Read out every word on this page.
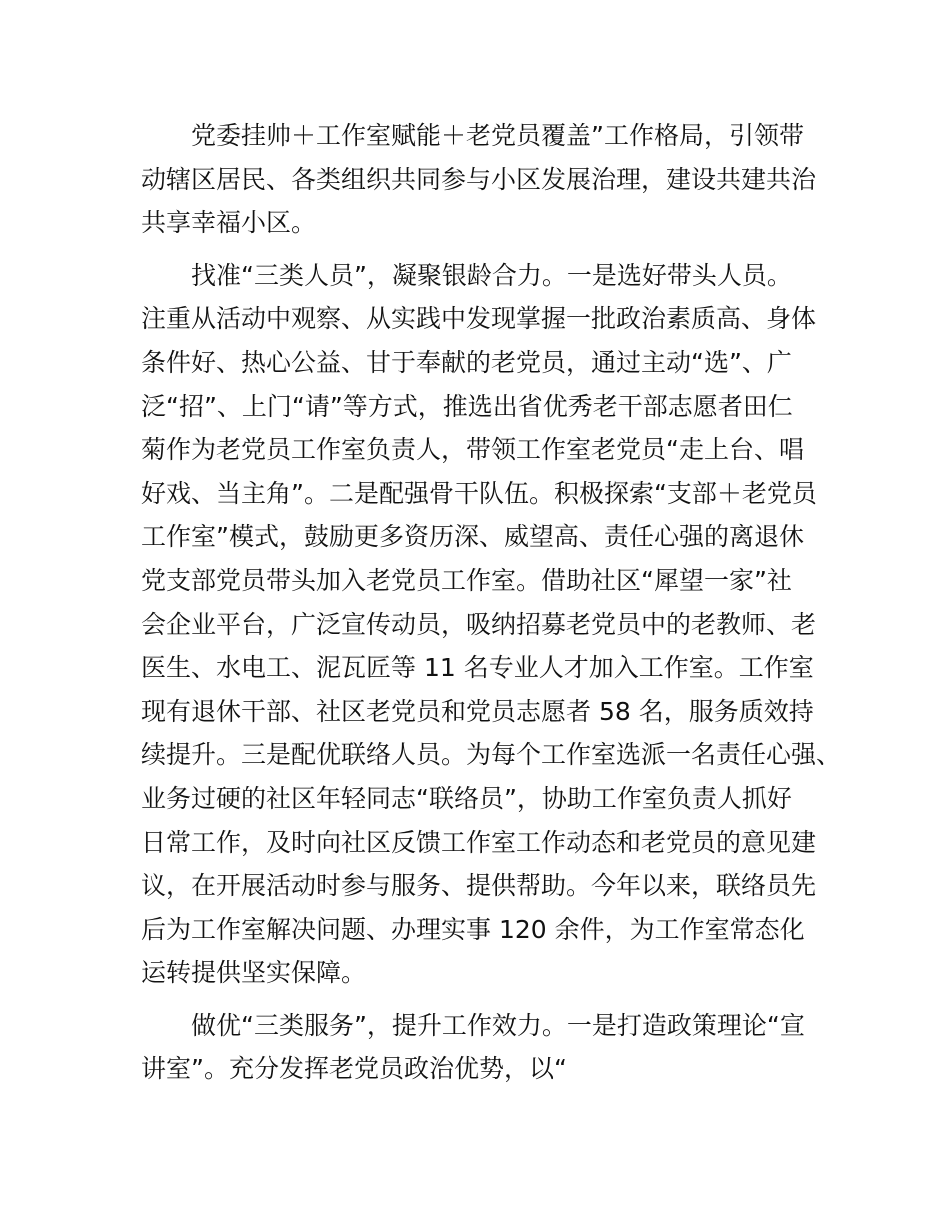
党委挂帅＋工作室赋能＋老党员覆盖”工作格局，引领带
动辖区居民、各类组织共同参与小区发展治理，建设共建共治
共享幸福小区。

找准“三类人员”，凝聚银龄合力。一是选好带头人员。
注重从活动中观察、从实践中发现掌握一批政治素质高、身体
条件好、热心公益、甘于奉献的老党员，通过主动“选”、广
泛“招”、上门“请”等方式，推选出省优秀老干部志愿者田仁
菊作为老党员工作室负责人，带领工作室老党员“走上台、唱
好戏、当主角”。二是配强骨干队伍。积极探索“支部＋老党员
工作室”模式，鼓励更多资历深、威望高、责任心强的离退休
党支部党员带头加入老党员工作室。借助社区“犀望一家”社
会企业平台，广泛宣传动员，吸纳招募老党员中的老教师、老
医生、水电工、泥瓦匠等 11 名专业人才加入工作室。工作室
现有退休干部、社区老党员和党员志愿者 58 名，服务质效持
续提升。三是配优联络人员。为每个工作室选派一名责任心强、
业务过硬的社区年轻同志“联络员”，协助工作室负责人抓好
日常工作，及时向社区反馈工作室工作动态和老党员的意见建
议，在开展活动时参与服务、提供帮助。今年以来，联络员先
后为工作室解决问题、办理实事 120 余件，为工作室常态化
运转提供坚实保障。

做优“三类服务”，提升工作效力。一是打造政策理论“宣
讲室”。充分发挥老党员政治优势，以“
